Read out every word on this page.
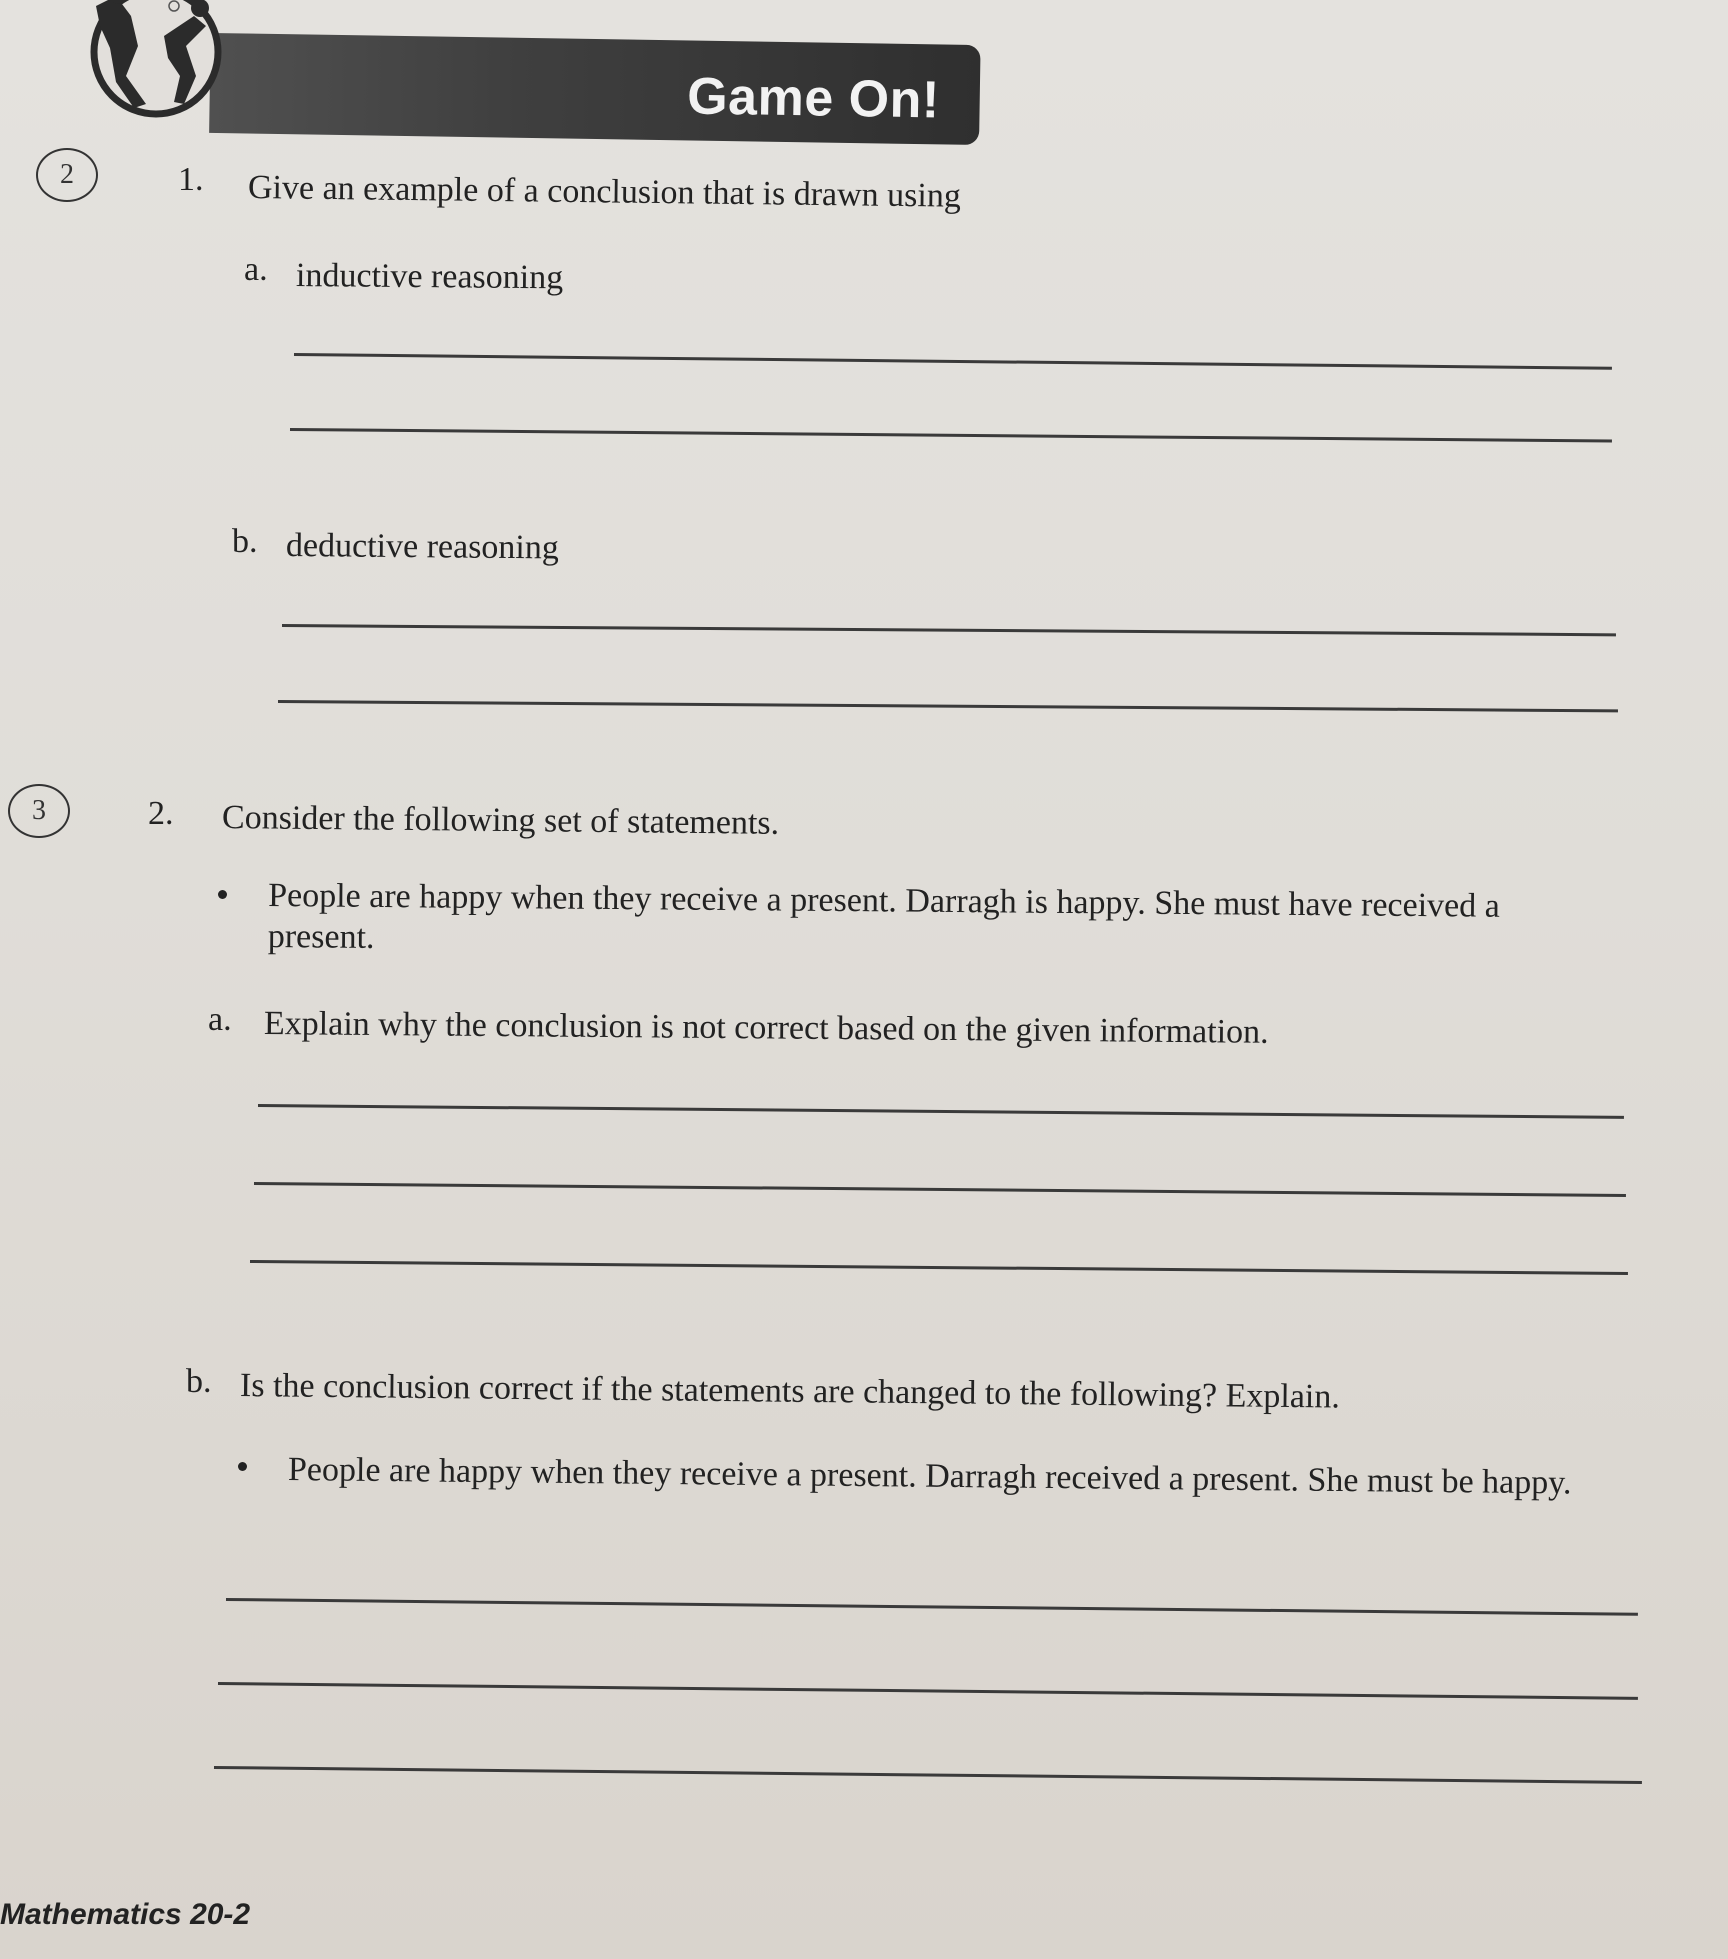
Game On!
2	1. Give an example of a conclusion that is drawn using
a. inductive reasoning
b. deductive reasoning
3	2. Consider the following set of statements.
People are happy when they receive a present. Darragh is happy. She must have received a present.
a. Explain why the conclusion is not correct based on the given information.
b. Is the conclusion correct if the statements are changed to the following? Explain.
People are happy when they receive a present. Darragh received a present. She must be happy.
Mathematics 20-2
